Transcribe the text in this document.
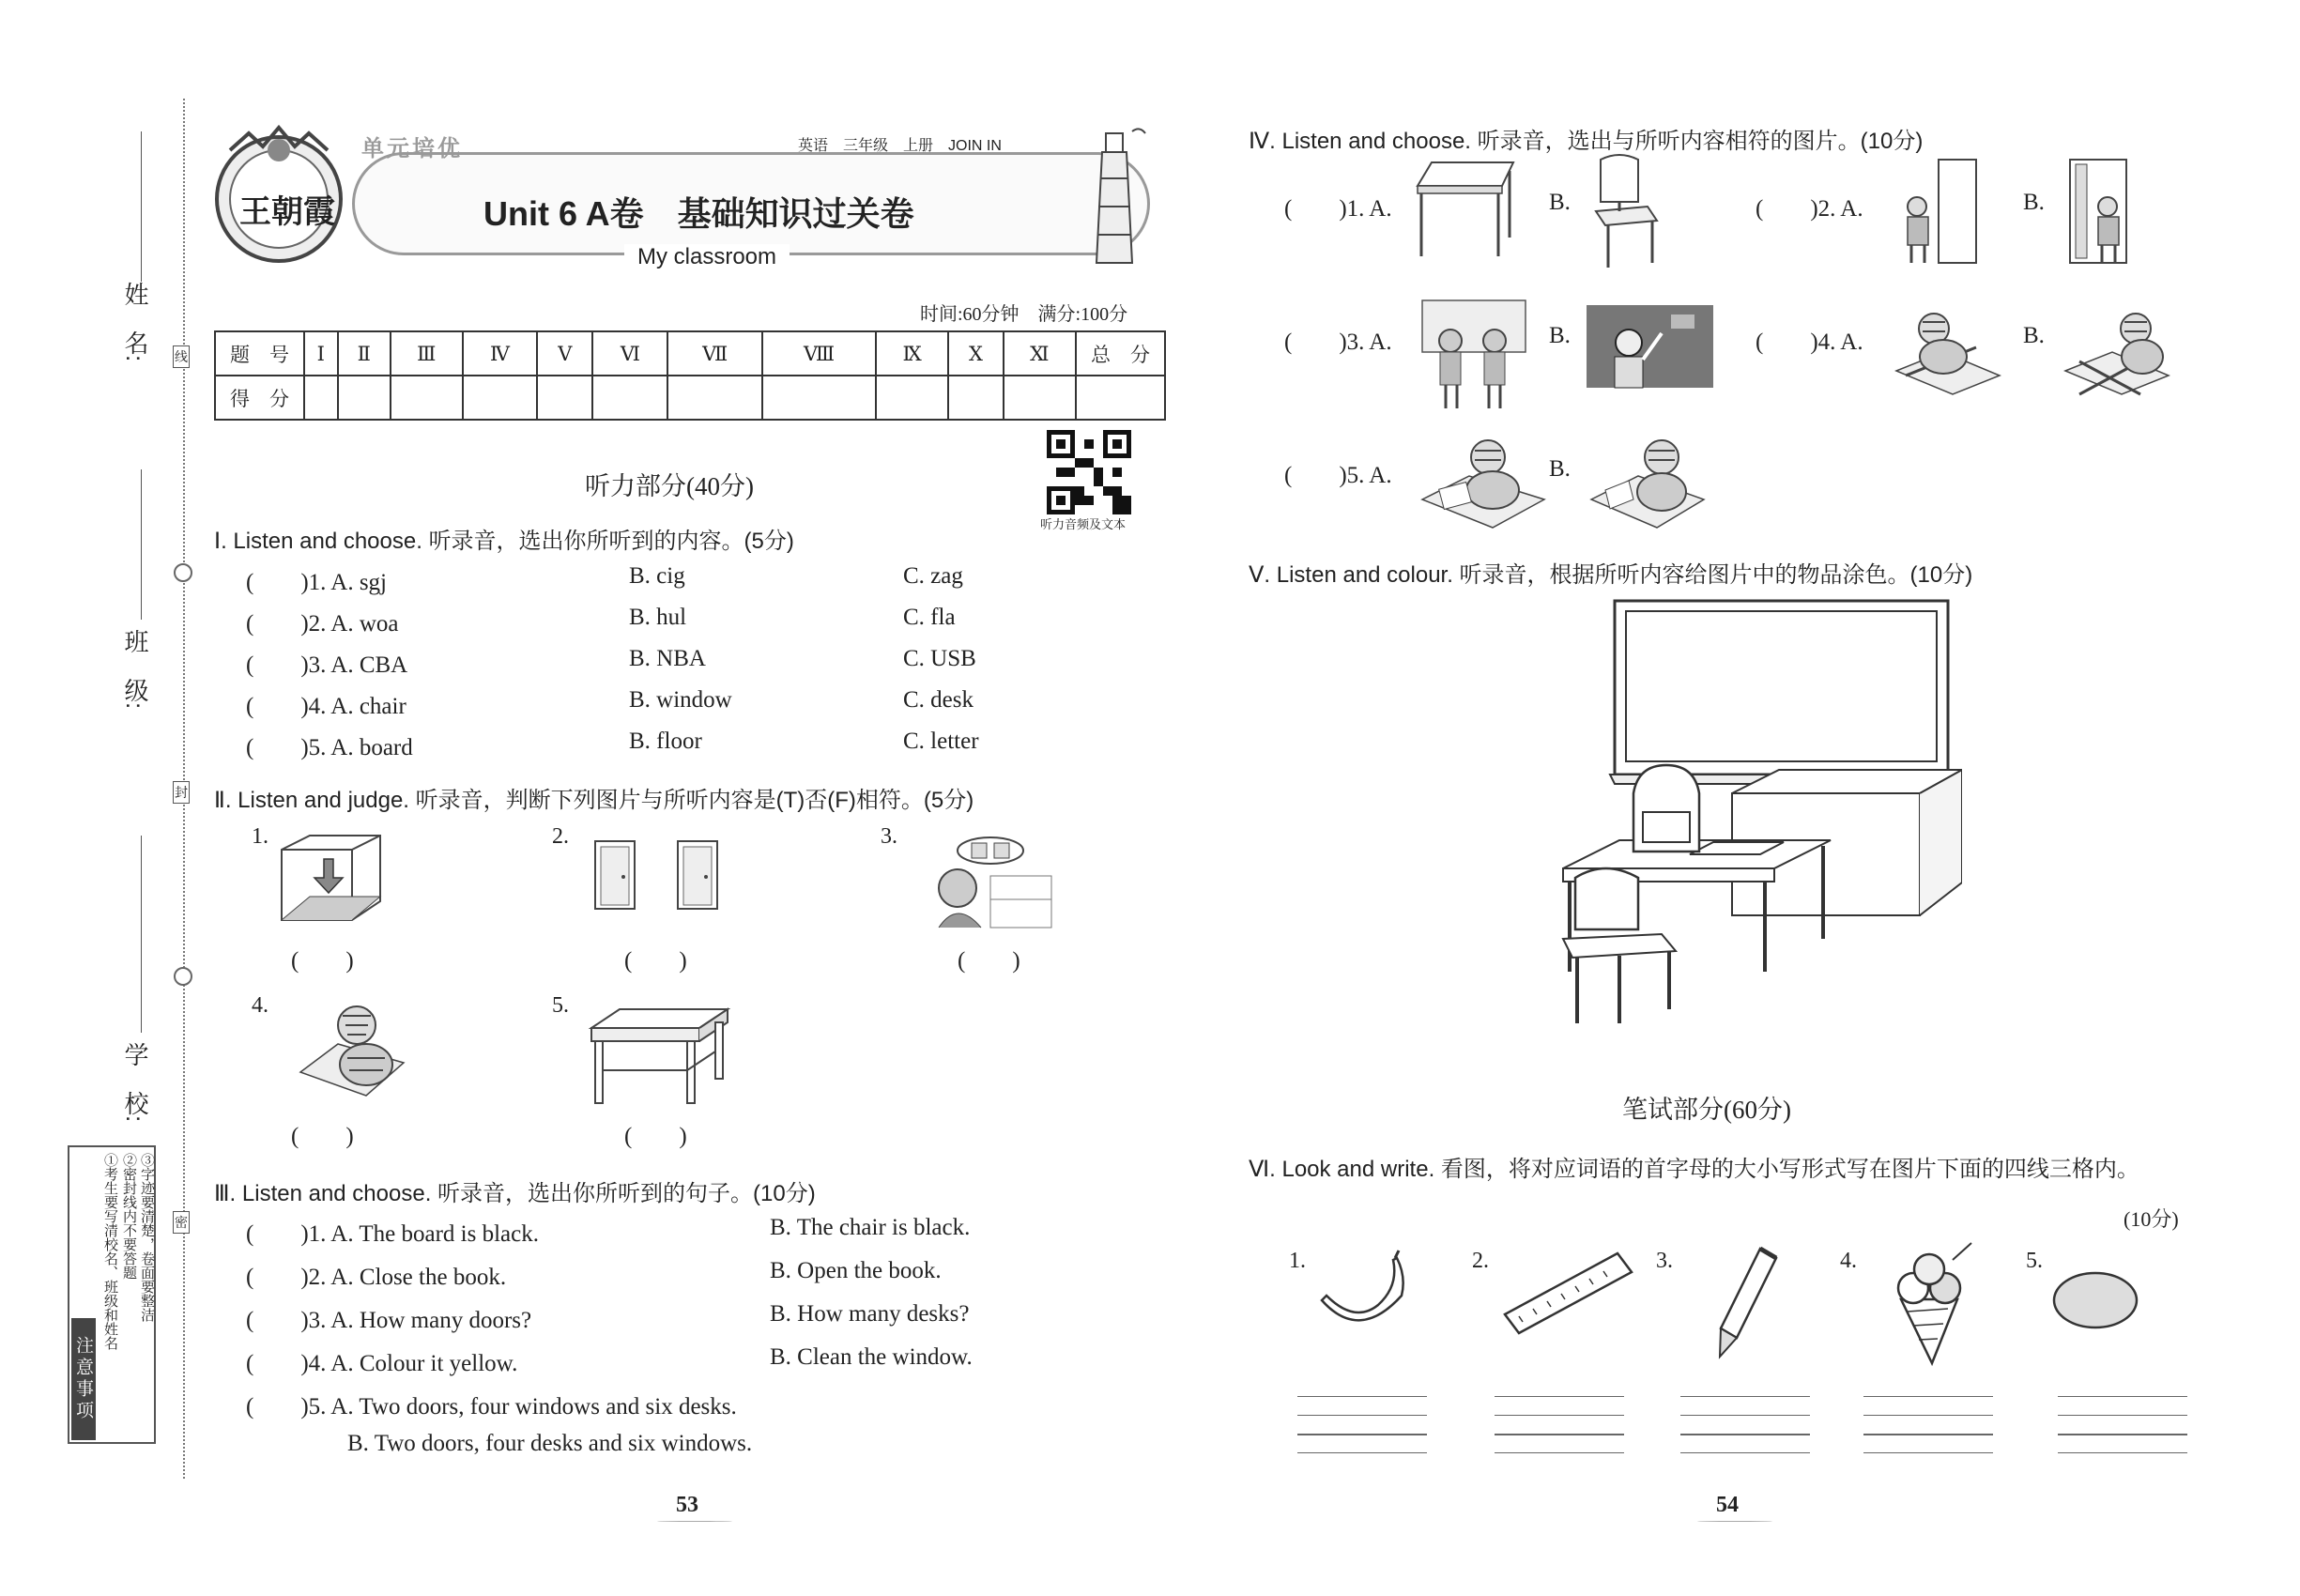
姓　名:
班　级:
学　校:
线
封
密
注意事项
①考生要写清校名、班级和姓名 ②密封线内不要答题 ③字迹要清楚，卷面要整洁
王朝霞
单元培优	英语　三年级　上册　JOIN IN
Unit 6 A卷　基础知识过关卷
My classroom
时间:60分钟　满分:100分
题　号	Ⅰ	Ⅱ	Ⅲ	Ⅳ	Ⅴ	Ⅵ	Ⅶ	Ⅷ	Ⅸ	Ⅹ	Ⅺ	总　分
得　分												
听力音频及文本
听力部分(40分)
Ⅰ. Listen and choose. 听录音，选出你所听到的内容。(5分)
(　　)1. A. sgj	B. cig	C. zag
(　　)2. A. woa	B. hul	C. fla
(　　)3. A. CBA	B. NBA	C. USB
(　　)4. A. chair	B. window	C. desk
(　　)5. A. board	B. floor	C. letter
Ⅱ. Listen and judge. 听录音，判断下列图片与所听内容是(T)否(F)相符。(5分)
1.
(　　)
2.
(　　)
3.
(　　)
4.
(　　)
5.
(　　)
Ⅲ. Listen and choose. 听录音，选出你所听到的句子。(10分)
(　　)1. A. The board is black.	B. The chair is black.
(　　)2. A. Close the book.	B. Open the book.
(　　)3. A. How many doors?	B. How many desks?
(　　)4. A. Colour it yellow.	B. Clean the window.
(　　)5. A. Two doors, four windows and six desks.
B. Two doors, four desks and six windows.
53
Ⅳ. Listen and choose. 听录音，选出与所听内容相符的图片。(10分)
(　　)1. A.	B.	(　　)2. A.	B.
(　　)3. A.	B.	(　　)4. A.	B.
(　　)5. A.	B.
Ⅴ. Listen and colour. 听录音，根据所听内容给图片中的物品涂色。(10分)
笔试部分(60分)
Ⅵ. Look and write. 看图，将对应词语的首字母的大小写形式写在图片下面的四线三格内。
(10分)
1.	2.	3.	4.	5.
54
